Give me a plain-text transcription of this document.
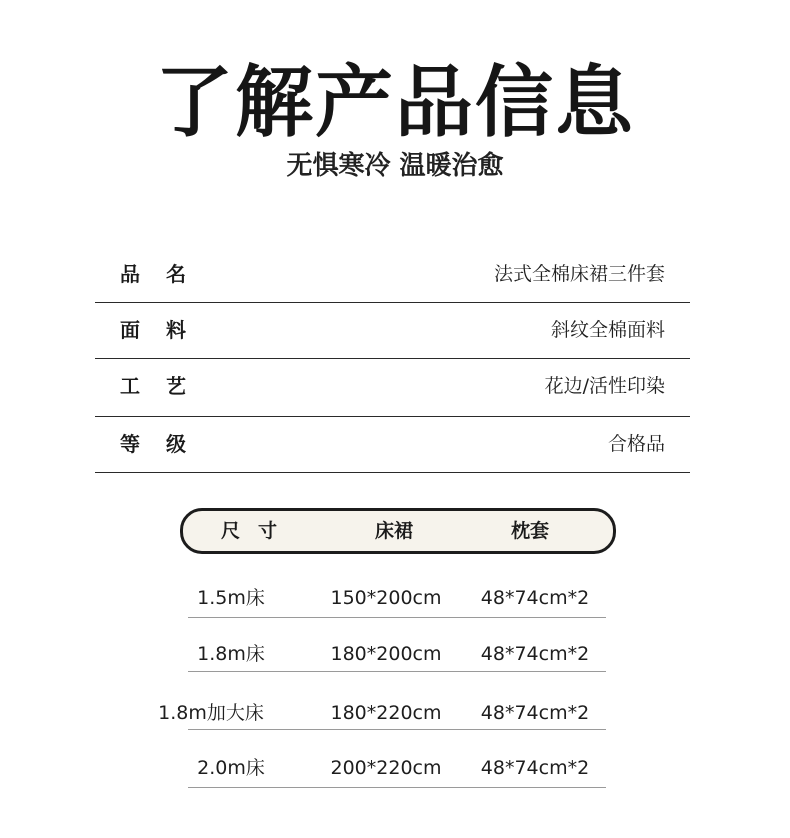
了解产品信息
无惧寒冷 温暖治愈
品名	法式全棉床裙三件套
面料	斜纹全棉面料
工艺	花边/活性印染
等级	合格品
尺寸	床裙	枕套
1.5m床	150*200cm	48*74cm*2
1.8m床	180*200cm	48*74cm*2
1.8m加大床	180*220cm	48*74cm*2
2.0m床	200*220cm	48*74cm*2
